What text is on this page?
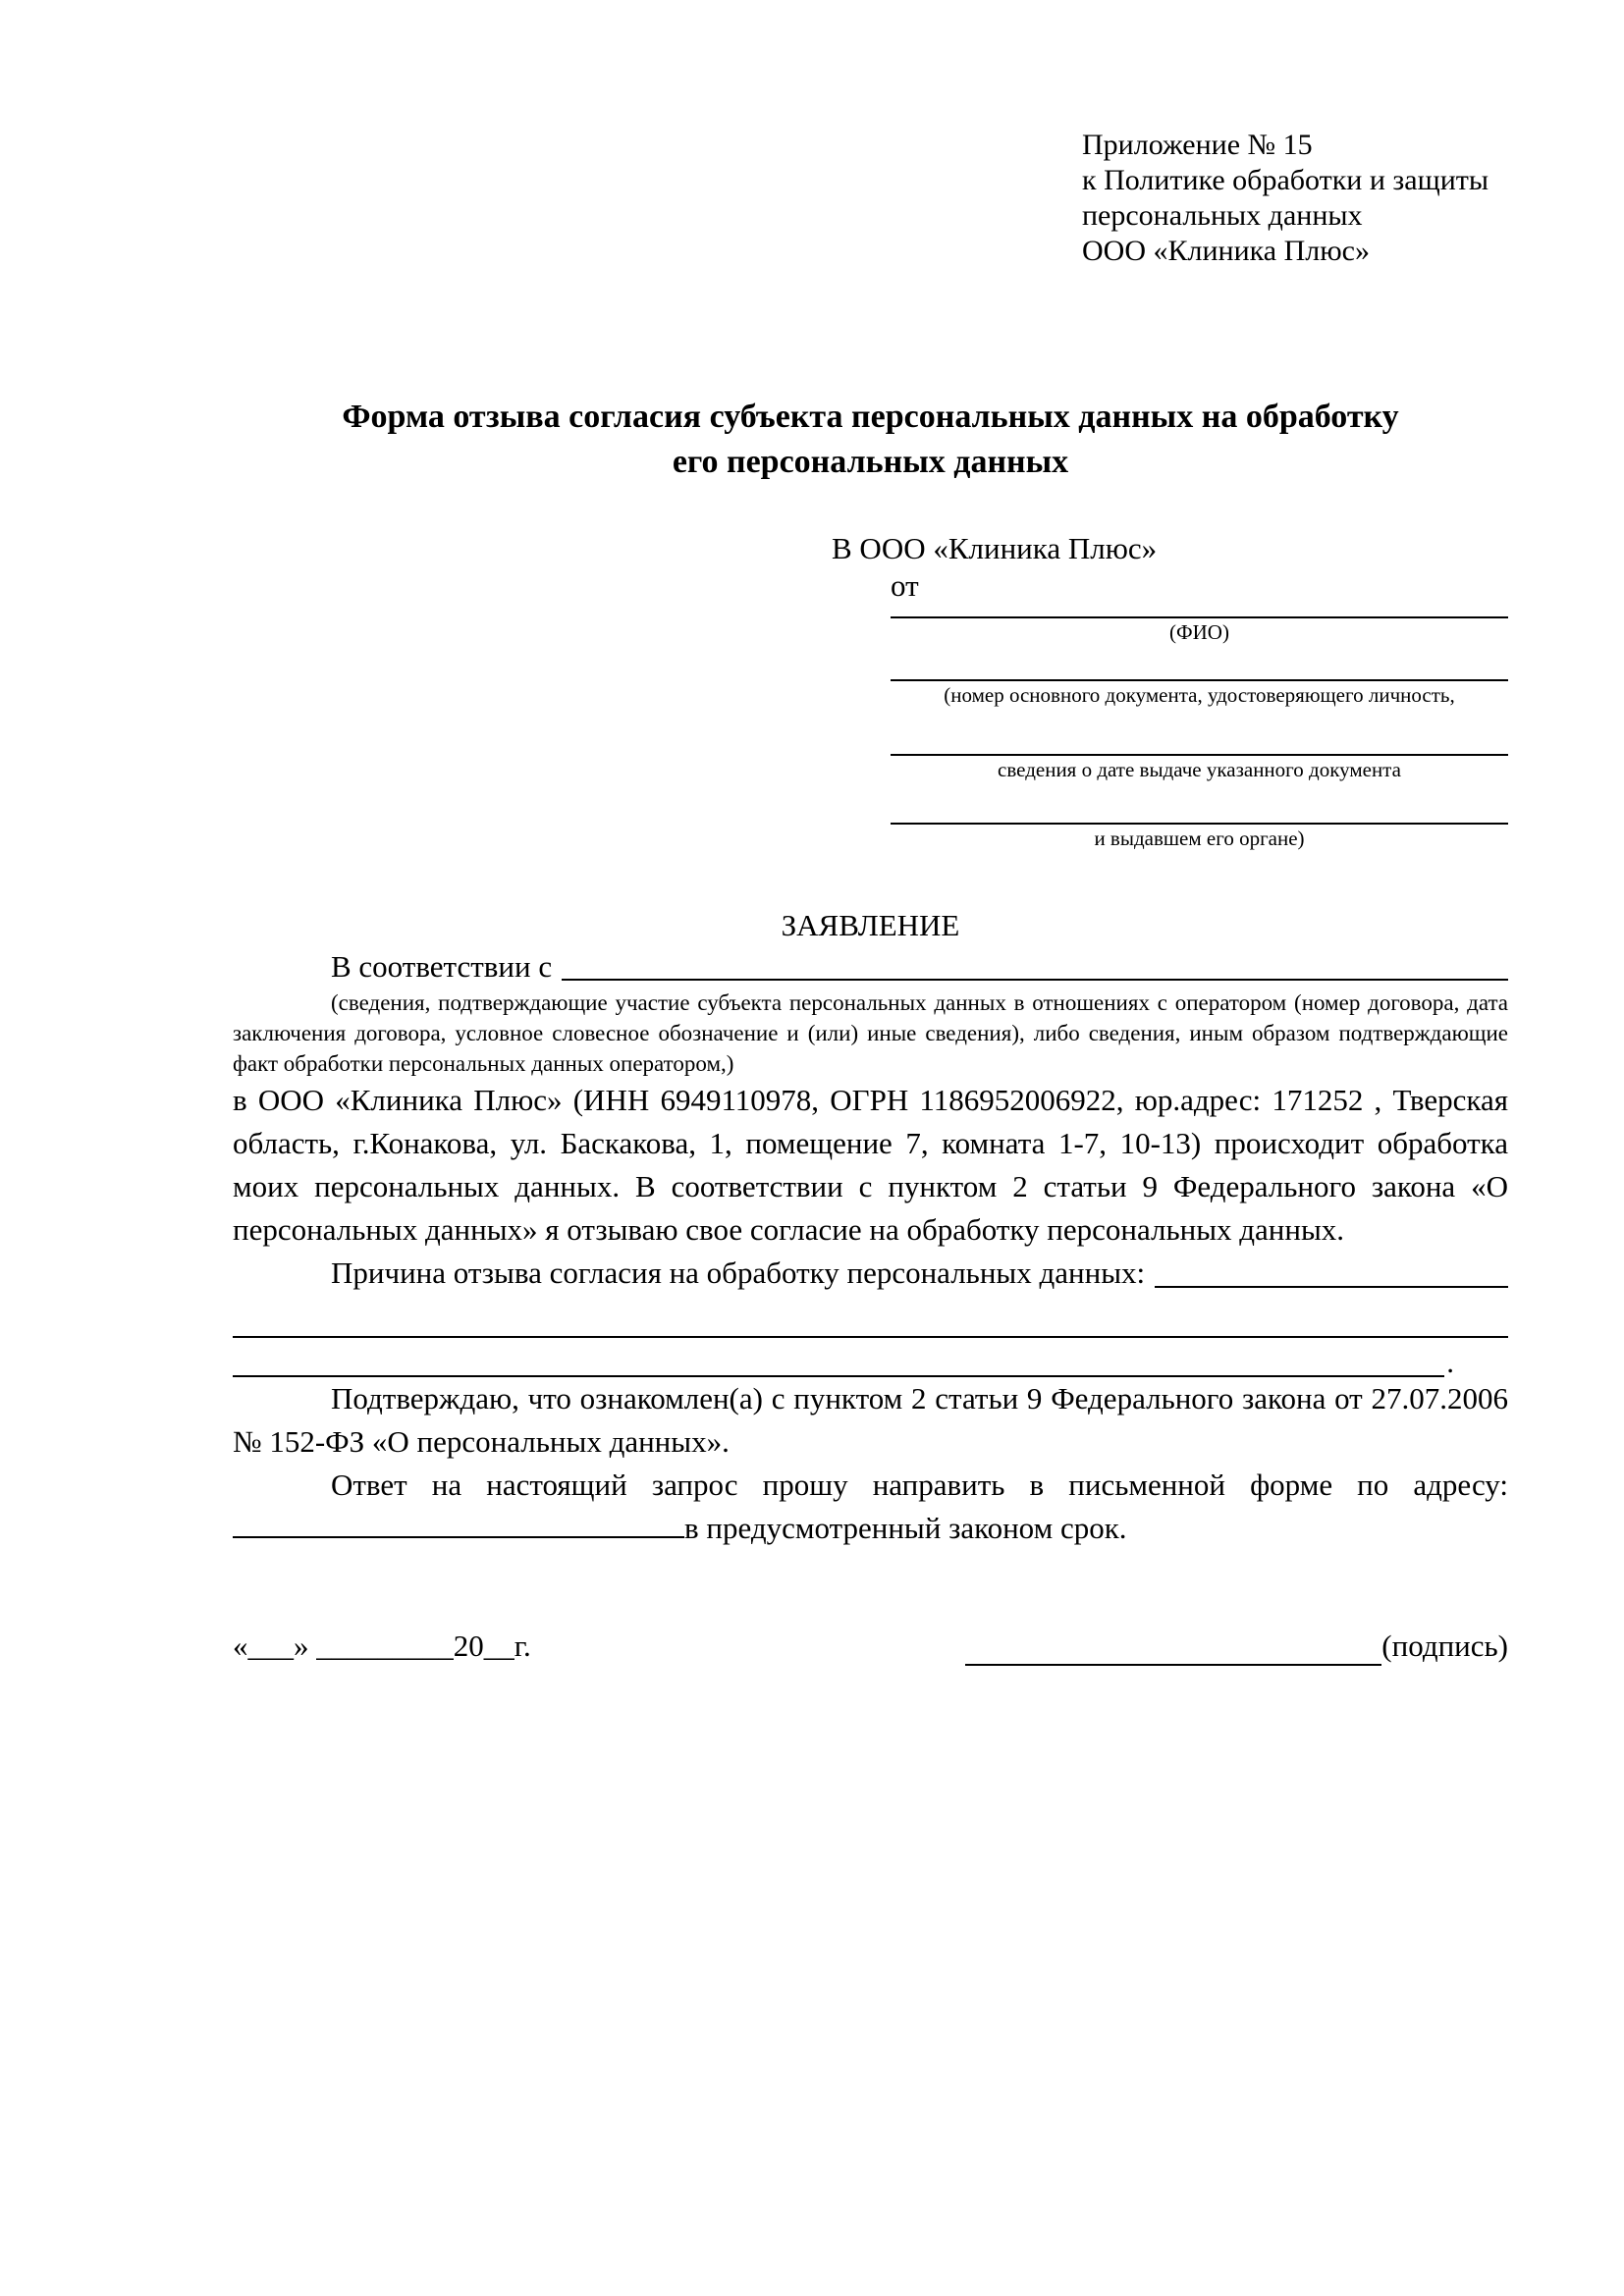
Приложение № 15
к Политике обработки и защиты
персональных данных
ООО «Клиника Плюс»
Форма отзыва согласия субъекта персональных данных на обработку
его персональных данных
В ООО «Клиника Плюс»
от
(ФИО)
(номер основного документа, удостоверяющего личность,
сведения о дате выдаче указанного документа
и выдавшем его органе)
ЗАЯВЛЕНИЕ
В соответствии с
(сведения, подтверждающие участие субъекта персональных данных в отношениях с оператором (номер договора, дата заключения договора, условное словесное обозначение и (или) иные сведения), либо сведения, иным образом подтверждающие факт обработки персональных данных оператором,)
в ООО «Клиника Плюс» (ИНН 6949110978, ОГРН 1186952006922, юр.адрес: 171252 , Тверская область, г.Конакова, ул. Баскакова, 1, помещение 7, комната 1-7, 10-13) происходит обработка моих персональных данных. В соответствии с пунктом 2 статьи 9 Федерального закона «О персональных данных» я отзываю свое согласие на обработку персональных данных.
Причина отзыва согласия на обработку персональных данных:
.
Подтверждаю, что ознакомлен(а) с пунктом 2 статьи 9 Федерального закона от 27.07.2006 № 152-ФЗ «О персональных данных».
Ответ на настоящий запрос прошу направить в письменной форме по адресу:в предусмотренный законом срок.
«___» _________20__г.	(подпись)
